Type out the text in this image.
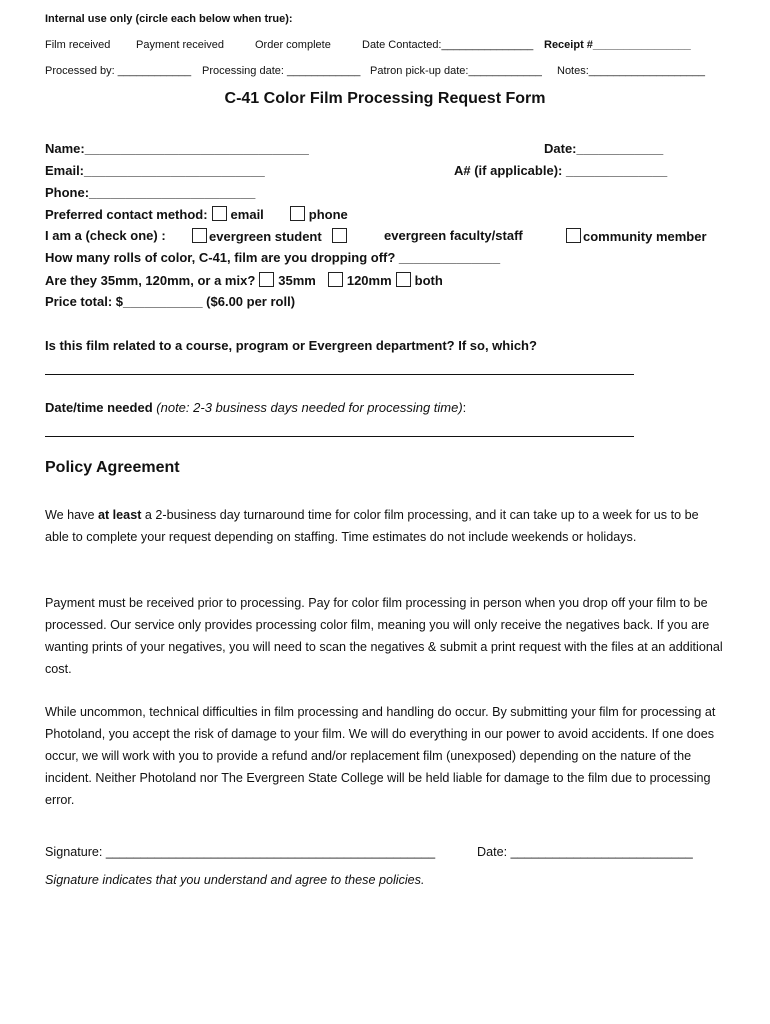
Internal use only (circle each below when true):
Film received Payment received	Order complete	Date Contacted:_______________ Receipt #________________
Processed by: ____________ Processing date: ____________ Patron pick-up date:____________ Notes:___________________
C-41 Color Film Processing Request Form
Name:_______________________________	Date:____________
Email:_________________________	A# (if applicable): ______________
Phone:_______________________
Preferred contact method: email	phone
I am a (check one) :	evergreen student	evergreen faculty/staff	community member
How many rolls of color, C-41, film are you dropping off? ______________
Are they 35mm, 120mm, or a mix? 35mm 120mm both
Price total: $___________ ($6.00 per roll)
Is this film related to a course, program or Evergreen department? If so, which?
Date/time needed (note: 2-3 business days needed for processing time):
Policy Agreement
We have at least a 2-business day turnaround time for color film processing, and it can take up to a week for us to be able to complete your request depending on staffing. Time estimates do not include weekends or holidays.
Payment must be received prior to processing. Pay for color film processing in person when you drop off your film to be processed. Our service only provides processing color film, meaning you will only receive the negatives back. If you are wanting prints of your negatives, you will need to scan the negatives & submit a print request with the files at an additional cost.
While uncommon, technical difficulties in film processing and handling do occur. By submitting your film for processing at Photoland, you accept the risk of damage to your film. We will do everything in our power to avoid accidents. If one does occur, we will work with you to provide a refund and/or replacement film (unexposed) depending on the nature of the incident. Neither Photoland nor The Evergreen State College will be held liable for damage to the film due to processing error.
Signature: _______________________________________________	Date: __________________________
Signature indicates that you understand and agree to these policies.
